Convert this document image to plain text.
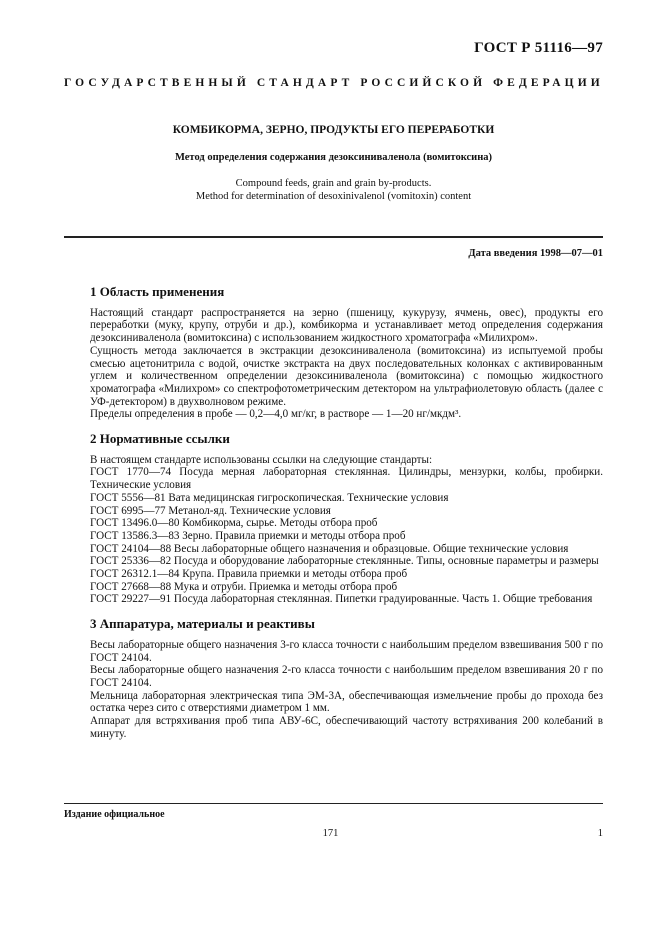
ГОСТ Р 51116—97
ГОСУДАРСТВЕННЫЙ СТАНДАРТ РОССИЙСКОЙ ФЕДЕРАЦИИ
КОМБИКОРМА, ЗЕРНО, ПРОДУКТЫ ЕГО ПЕРЕРАБОТКИ
Метод определения содержания дезоксиниваленола (вомитоксина)
Compound feeds, grain and grain by-products.
Method for determination of desoxinivalenol (vomitoxin) content
Дата введения 1998—07—01
1 Область применения

Настоящий стандарт распространяется на зерно (пшеницу, кукурузу, ячмень, овес), продукты его переработки (муку, крупу, отруби и др.), комбикорма и устанавливает метод определения содержания дезоксиниваленола (вомитоксина) с использованием жидкостного хроматографа «Милихром».

Сущность метода заключается в экстракции дезоксиниваленола (вомитоксина) из испытуемой пробы смесью ацетонитрила с водой, очистке экстракта на двух последовательных колонках с активированным углем и количественном определении дезоксиниваленола (вомитоксина) с помощью жидкостного хроматографа «Милихром» со спектрофотометрическим детектором на ультрафиолетовую область (далее с УФ-детектором) в двухволновом режиме.

Пределы определения в пробе — 0,2—4,0 мг/кг, в растворе — 1—20 нг/мкдм³.

2 Нормативные ссылки

В настоящем стандарте использованы ссылки на следующие стандарты:

ГОСТ 1770—74 Посуда мерная лабораторная стеклянная. Цилиндры, мензурки, колбы, пробирки. Технические условия

ГОСТ 5556—81 Вата медицинская гигроскопическая. Технические условия

ГОСТ 6995—77 Метанол-яд. Технические условия

ГОСТ 13496.0—80 Комбикорма, сырье. Методы отбора проб

ГОСТ 13586.3—83 Зерно. Правила приемки и методы отбора проб

ГОСТ 24104—88 Весы лабораторные общего назначения и образцовые. Общие технические условия

ГОСТ 25336—82 Посуда и оборудование лабораторные стеклянные. Типы, основные параметры и размеры

ГОСТ 26312.1—84 Крупа. Правила приемки и методы отбора проб

ГОСТ 27668—88 Мука и отруби. Приемка и методы отбора проб

ГОСТ 29227—91 Посуда лабораторная стеклянная. Пипетки градуированные. Часть 1. Общие требования

3 Аппаратура, материалы и реактивы

Весы лабораторные общего назначения 3-го класса точности с наибольшим пределом взвешивания 500 г по ГОСТ 24104.

Весы лабораторные общего назначения 2-го класса точности с наибольшим пределом взвешивания 20 г по ГОСТ 24104.

Мельница лабораторная электрическая типа ЭМ-3А, обеспечивающая измельчение пробы до прохода без остатка через сито с отверстиями диаметром 1 мм.

Аппарат для встряхивания проб типа АВУ-6С, обеспечивающий частоту встряхивания 200 колебаний в минуту.

Издание официальное
171	1
